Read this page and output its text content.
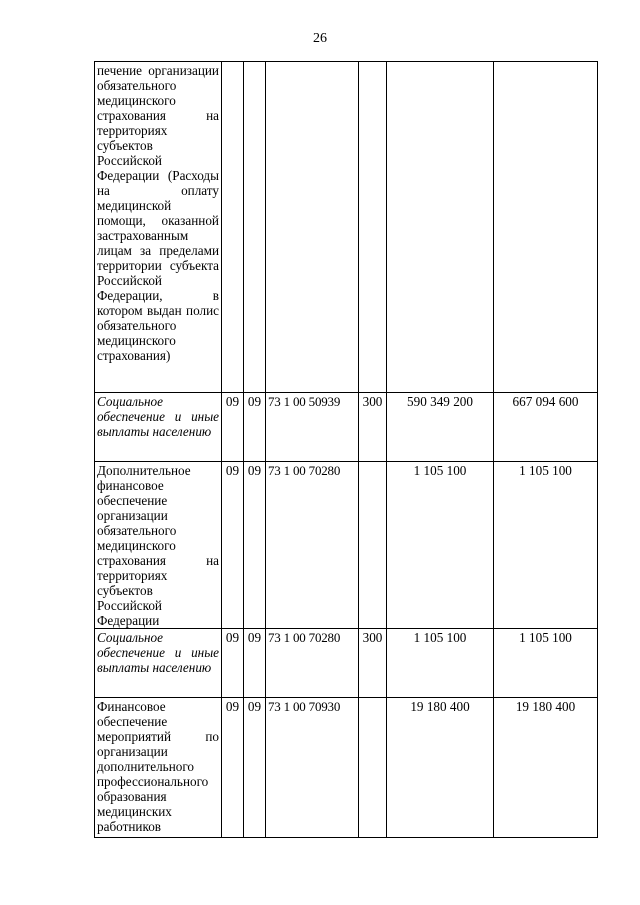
26
печение организации обязательного медицинского страхования на территориях субъектов Российской Федерации (Расходы на оплату медицинской помощи, оказанной застрахованным лицам за пределами территории субъекта Российской Федерации, в котором выдан полис обязательного медицинского страхования)						
Социальное обеспечение и иные выплаты населению	09	09	73 1 00 50939	300	590 349 200	667 094 600
Дополнительное финансовое обеспечение организации обязательного медицинского страхования на территориях субъектов Российской Федерации	09	09	73 1 00 70280		1 105 100	1 105 100
Социальное обеспечение и иные выплаты населению	09	09	73 1 00 70280	300	1 105 100	1 105 100
Финансовое обеспечение мероприятий по организации дополнительного профессионального образования медицинских работников	09	09	73 1 00 70930		19 180 400	19 180 400
